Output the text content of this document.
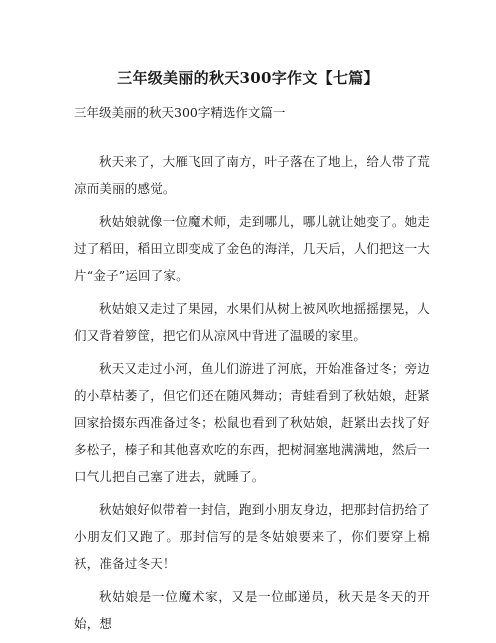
三年级美丽的秋天300字作文【七篇】
三年级美丽的秋天300字精选作文篇一

秋天来了，大雁飞回了南方，叶子落在了地上，给人带了荒凉而美丽的感觉。

秋姑娘就像一位魔术师，走到哪儿，哪儿就让她变了。她走过了稻田，稻田立即变成了金色的海洋，几天后，人们把这一大片“金子”运回了家。

秋姑娘又走过了果园，水果们从树上被风吹地摇摇摆晃，人们又背着箩筐，把它们从凉风中背进了温暖的家里。

秋天又走过小河，鱼儿们游进了河底，开始准备过冬；旁边的小草枯萎了，但它们还在随风舞动；青蛙看到了秋姑娘，赶紧回家拾掇东西准备过冬；松鼠也看到了秋姑娘，赶紧出去找了好多松子，榛子和其他喜欢吃的东西，把树洞塞地满满地，然后一口气儿把自己塞了进去，就睡了。

秋姑娘好似带着一封信，跑到小朋友身边，把那封信扔给了小朋友们又跑了。那封信写的是冬姑娘要来了，你们要穿上棉袄，准备过冬天！

秋姑娘是一位魔术家，又是一位邮递员，秋天是冬天的开始，想
